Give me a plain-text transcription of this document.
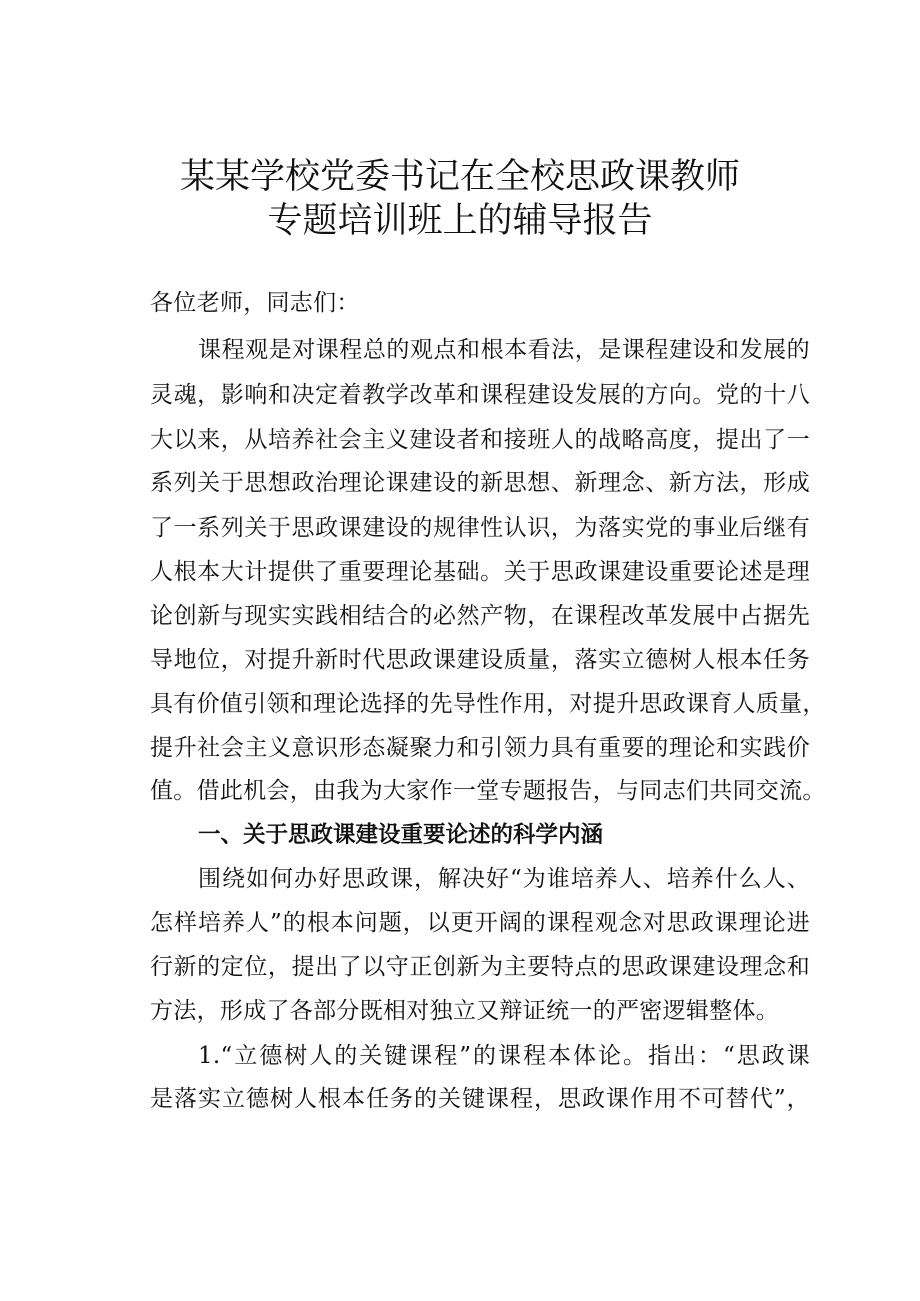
某某学校党委书记在全校思政课教师
专题培训班上的辅导报告
各位老师，同志们：
课程观是对课程总的观点和根本看法，是课程建设和发展的
灵魂，影响和决定着教学改革和课程建设发展的方向。党的十八
大以来，从培养社会主义建设者和接班人的战略高度，提出了一
系列关于思想政治理论课建设的新思想、新理念、新方法，形成
了一系列关于思政课建设的规律性认识，为落实党的事业后继有
人根本大计提供了重要理论基础。关于思政课建设重要论述是理
论创新与现实实践相结合的必然产物，在课程改革发展中占据先
导地位，对提升新时代思政课建设质量，落实立德树人根本任务
具有价值引领和理论选择的先导性作用，对提升思政课育人质量，
提升社会主义意识形态凝聚力和引领力具有重要的理论和实践价
值。借此机会，由我为大家作一堂专题报告，与同志们共同交流。
一、关于思政课建设重要论述的科学内涵
围绕如何办好思政课，解决好“为谁培养人、培养什么人、
怎样培养人”的根本问题，以更开阔的课程观念对思政课理论进
行新的定位，提出了以守正创新为主要特点的思政课建设理念和
方法，形成了各部分既相对独立又辩证统一的严密逻辑整体。
1.“立德树人的关键课程”的课程本体论。指出：“思政课
是落实立德树人根本任务的关键课程，思政课作用不可替代”，
